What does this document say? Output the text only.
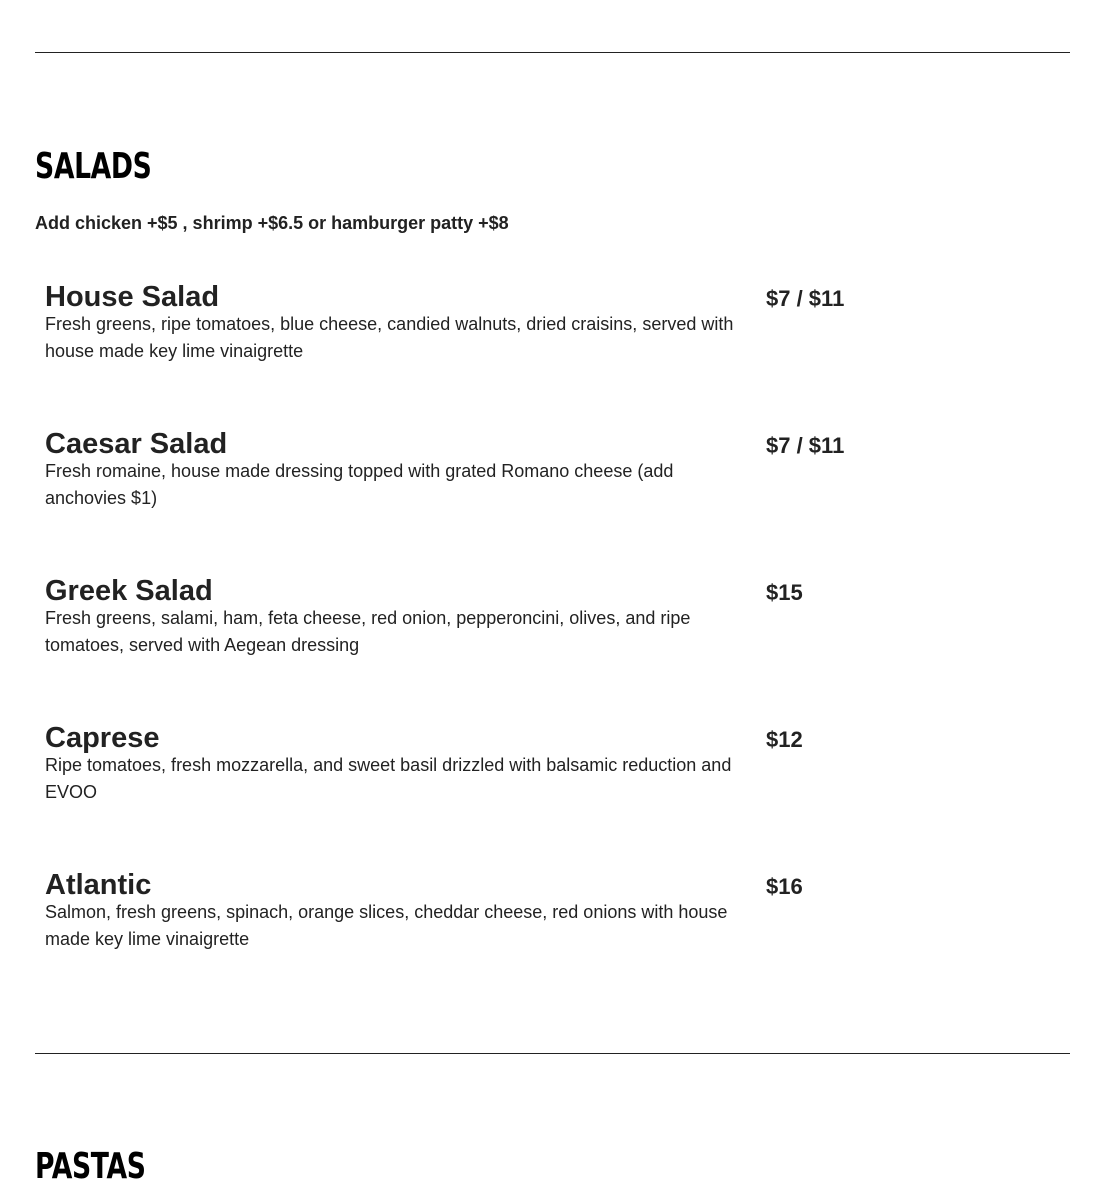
SALADS
Add chicken +$5 , shrimp +$6.5 or hamburger patty +$8
House Salad
Fresh greens, ripe tomatoes, blue cheese, candied walnuts, dried craisins, served with house made key lime vinaigrette
$7 / $11
Caesar Salad
Fresh romaine, house made dressing topped with grated Romano cheese (add anchovies $1)
$7 / $11
Greek Salad
Fresh greens, salami, ham, feta cheese, red onion, pepperoncini, olives, and ripe tomatoes, served with Aegean dressing
$15
Caprese
Ripe tomatoes, fresh mozzarella, and sweet basil drizzled with balsamic reduction and EVOO
$12
Atlantic
Salmon, fresh greens, spinach, orange slices, cheddar cheese, red onions with house made key lime vinaigrette
$16
PASTAS
